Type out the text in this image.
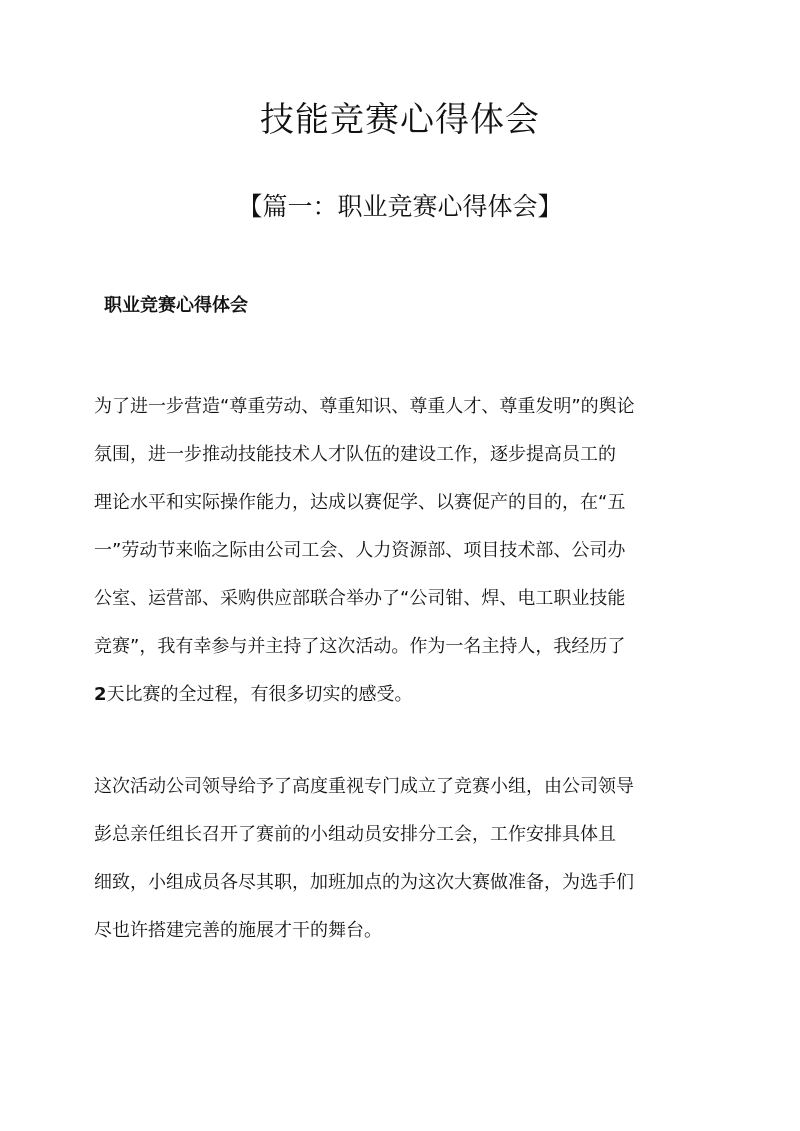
技能竞赛心得体会
【篇一：职业竞赛心得体会】
职业竞赛心得体会
为了进一步营造“尊重劳动、尊重知识、尊重人才、尊重发明”的舆论
氛围，进一步推动技能技术人才队伍的建设工作，逐步提高员工的
理论水平和实际操作能力，达成以赛促学、以赛促产的目的，在“五
一”劳动节来临之际由公司工会、人力资源部、项目技术部、公司办
公室、运营部、采购供应部联合举办了“公司钳、焊、电工职业技能
竞赛”，我有幸参与并主持了这次活动。作为一名主持人，我经历了
2天比赛的全过程，有很多切实的感受。
这次活动公司领导给予了高度重视专门成立了竞赛小组，由公司领导
彭总亲任组长召开了赛前的小组动员安排分工会，工作安排具体且
细致，小组成员各尽其职，加班加点的为这次大赛做准备，为选手们
尽也许搭建完善的施展才干的舞台。
